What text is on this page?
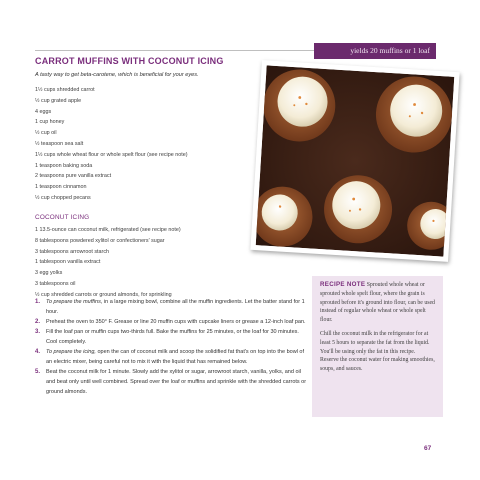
yields 20 muffins or 1 loaf
CARROT MUFFINS WITH COCONUT ICING
A tasty way to get beta-carotene, which is beneficial for your eyes.
1½ cups shredded carrot
½ cup grated apple
4 eggs
1 cup honey
½ cup oil
½ teaspoon sea salt
1½ cups whole wheat flour or whole spelt flour (see recipe note)
1 teaspoon baking soda
2 teaspoons pure vanilla extract
1 teaspoon cinnamon
½ cup chopped pecans
COCONUT ICING
1 13.5-ounce can coconut milk, refrigerated (see recipe note)
8 tablespoons powdered xylitol or confectioners' sugar
3 tablespoons arrowroot starch
1 tablespoon vanilla extract
3 egg yolks
3 tablespoons oil
½ cup shredded carrots or ground almonds, for sprinkling
1. To prepare the muffins, in a large mixing bowl, combine all the muffin ingredients. Let the batter stand for 1 hour.
2. Preheat the oven to 350° F. Grease or line 20 muffin cups with cupcake liners or grease a 12-inch loaf pan.
3. Fill the loaf pan or muffin cups two-thirds full. Bake the muffins for 25 minutes, or the loaf for 30 minutes. Cool completely.
4. To prepare the icing, open the can of coconut milk and scoop the solidified fat that's on top into the bowl of an electric mixer, being careful not to mix it with the liquid that has remained below.
5. Beat the coconut milk for 1 minute. Slowly add the xylitol or sugar, arrowroot starch, vanilla, yolks, and oil and beat only until well combined. Spread over the loaf or muffins and sprinkle with the shredded carrots or ground almonds.
RECIPE NOTE Sprouted whole wheat or sprouted whole spelt flour, where the grain is sprouted before it's ground into flour, can be used instead of regular whole wheat or whole spelt flour.
Chill the coconut milk in the refrigerator for at least 5 hours to separate the fat from the liquid. You'll be using only the fat in this recipe. Reserve the coconut water for making smoothies, soups, and sauces.
67
